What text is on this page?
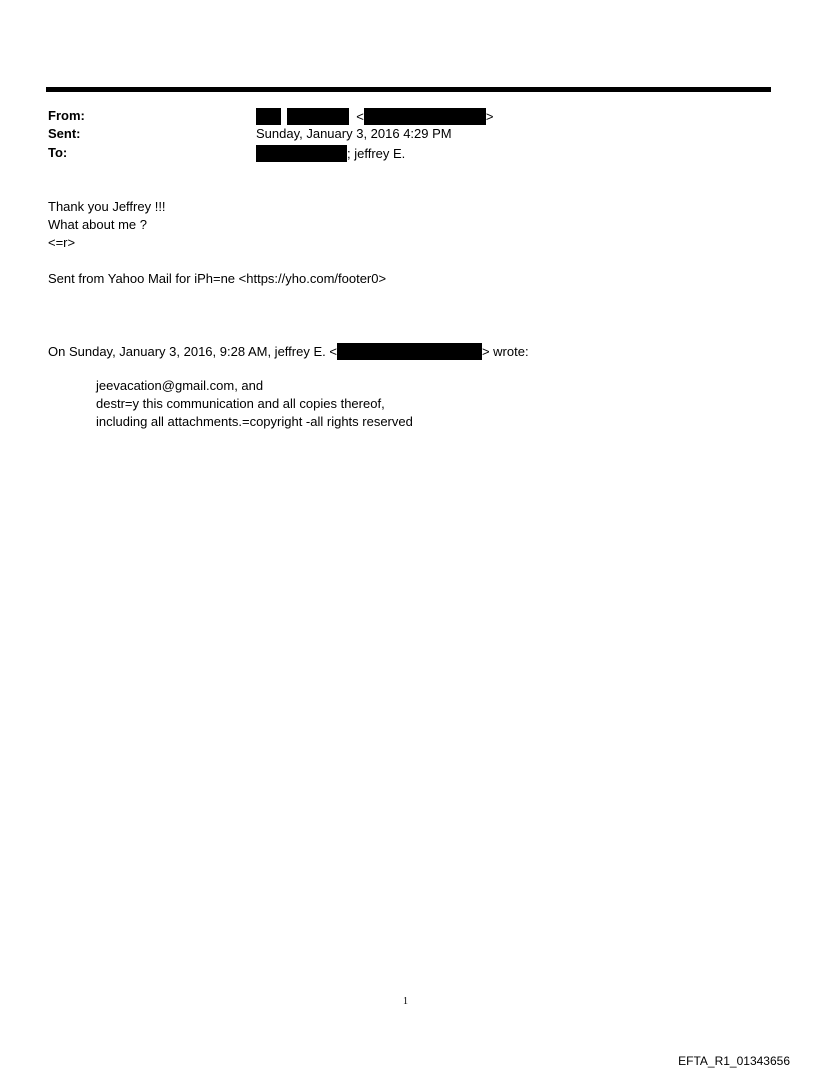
From:	<	>
Sent:	Sunday, January 3, 2016 4:29 PM
To:	; jeffrey E.
Thank you Jeffrey !!!
What about me ?
<=r>
Sent from Yahoo Mail for iPh=ne <https://yho.com/footer0>
On Sunday, January 3, 2016, 9:28 AM, jeffrey E. <	> wrote:
jeevacation@gmail.com, and
destr=y this communication and all copies thereof,
including all attachments.=copyright -all rights reserved
1
EFTA_R1_01343656
